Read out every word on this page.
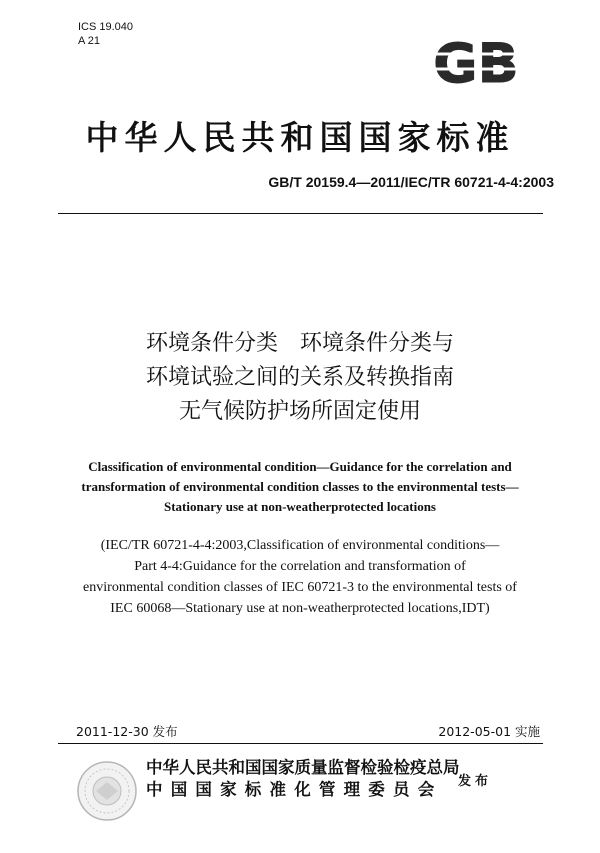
ICS 19.040
A 21	GB
中华人民共和国国家标准
GB/T 20159.4—2011/IEC/TR 60721-4-4:2003
环境条件分类　环境条件分类与
环境试验之间的关系及转换指南
无气候防护场所固定使用
Classification of environmental condition—Guidance for the correlation and
transformation of environmental condition classes to the environmental tests—
Stationary use at non-weatherprotected locations
(IEC/TR 60721-4-4:2003,Classification of environmental conditions—
Part 4-4:Guidance for the correlation and transformation of
environmental condition classes of IEC 60721-3 to the environmental tests of
IEC 60068—Stationary use at non-weatherprotected locations,IDT)
2011-12-30 发布	2012-05-01 实施
中华人民共和国国家质量监督检验检疫总局
中国国家标准化管理委员会	发布
